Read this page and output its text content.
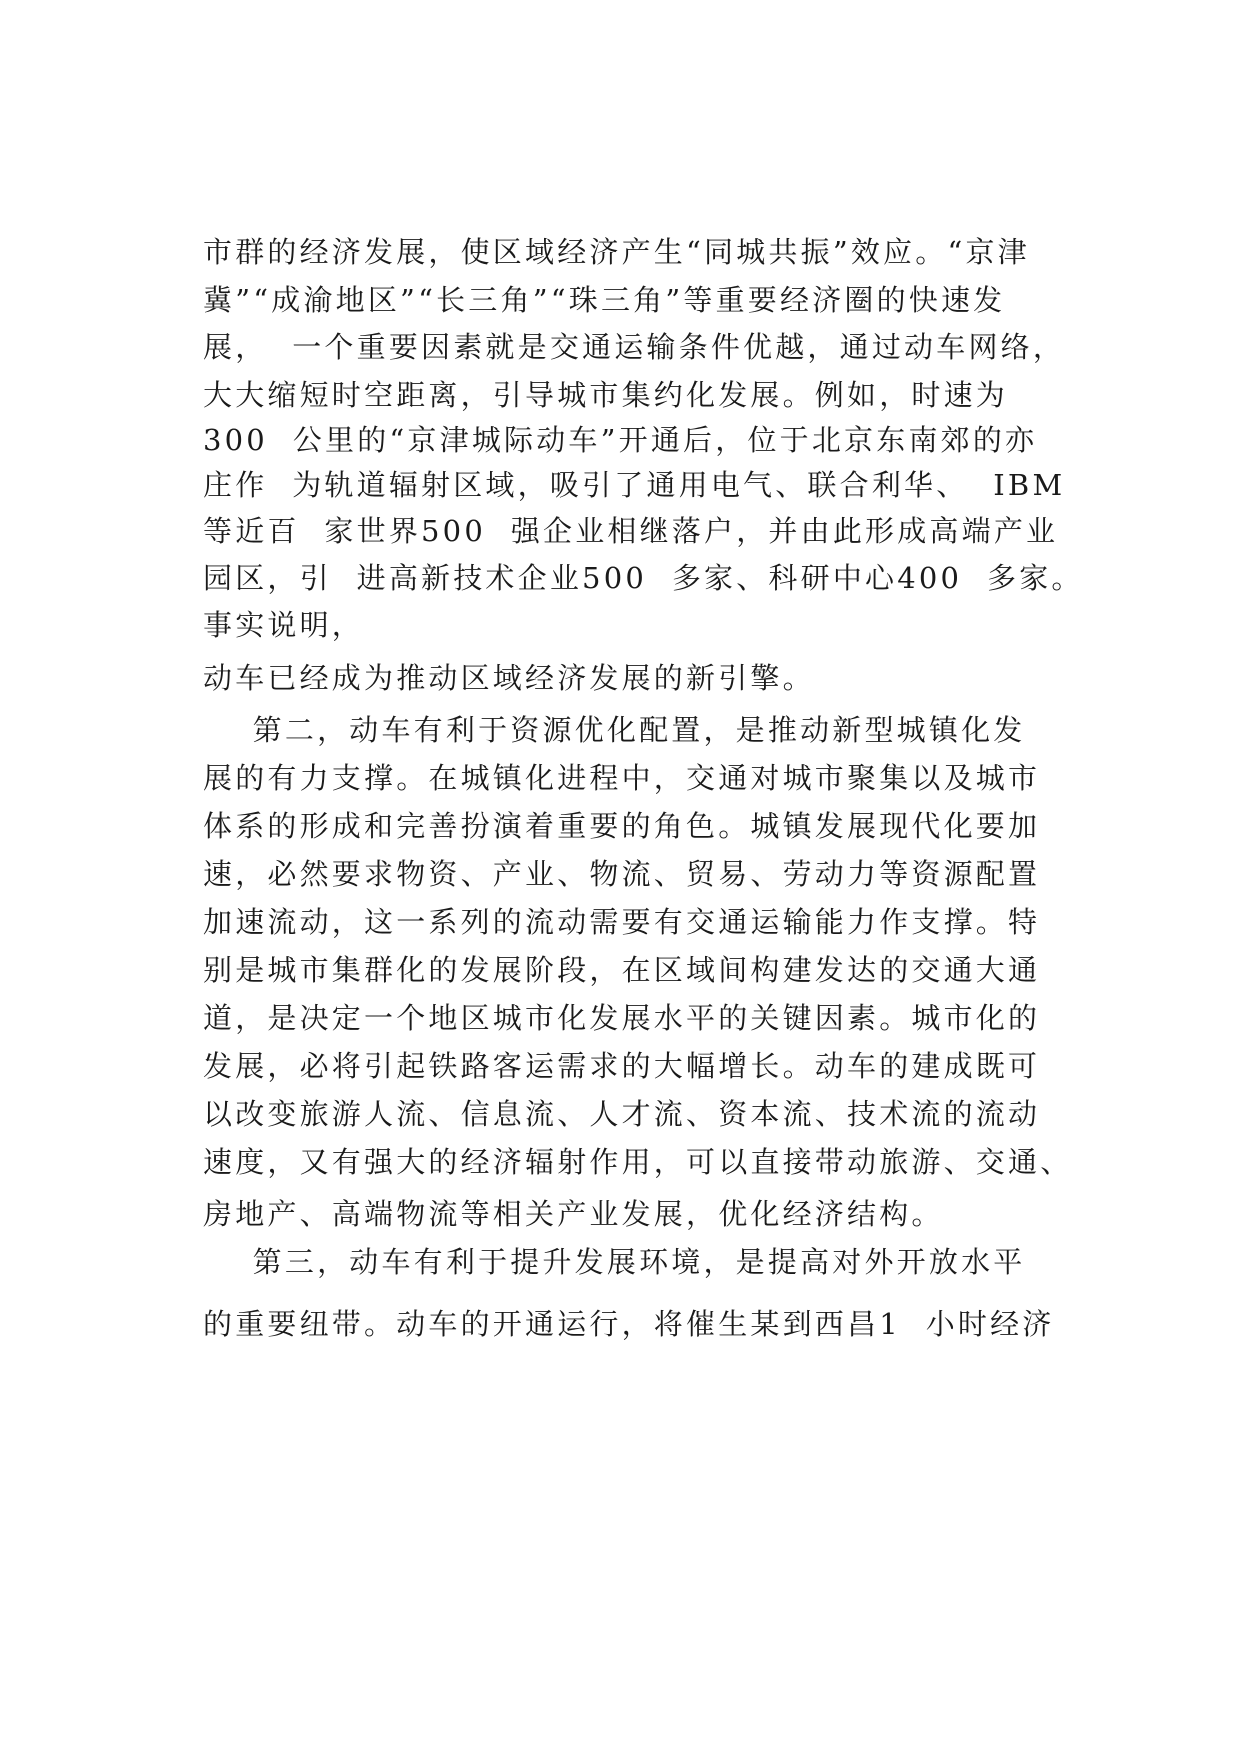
市群的经济发展，使区域经济产生“同城共振”效应。“京津
冀”“成渝地区”“长三角”“珠三角”等重要经济圈的快速发
展，  一个重要因素就是交通运输条件优越，通过动车网络，
大大缩短时空距离，引导城市集约化发展。例如，时速为
300  公里的“京津城际动车”开通后，位于北京东南郊的亦
庄作  为轨道辐射区域，吸引了通用电气、联合利华、  IBM
等近百  家世界500  强企业相继落户，并由此形成高端产业
园区，引  进高新技术企业500  多家、科研中心400  多家。
事实说明，
动车已经成为推动区域经济发展的新引擎。
第二，动车有利于资源优化配置，是推动新型城镇化发
展的有力支撑。在城镇化进程中，交通对城市聚集以及城市
体系的形成和完善扮演着重要的角色。城镇发展现代化要加
速，必然要求物资、产业、物流、贸易、劳动力等资源配置
加速流动，这一系列的流动需要有交通运输能力作支撑。特
别是城市集群化的发展阶段，在区域间构建发达的交通大通
道，是决定一个地区城市化发展水平的关键因素。城市化的
发展，必将引起铁路客运需求的大幅增长。动车的建成既可
以改变旅游人流、信息流、人才流、资本流、技术流的流动
速度，又有强大的经济辐射作用，可以直接带动旅游、交通、
房地产、高端物流等相关产业发展，优化经济结构。
第三，动车有利于提升发展环境，是提高对外开放水平
的重要纽带。动车的开通运行，将催生某到西昌1  小时经济
